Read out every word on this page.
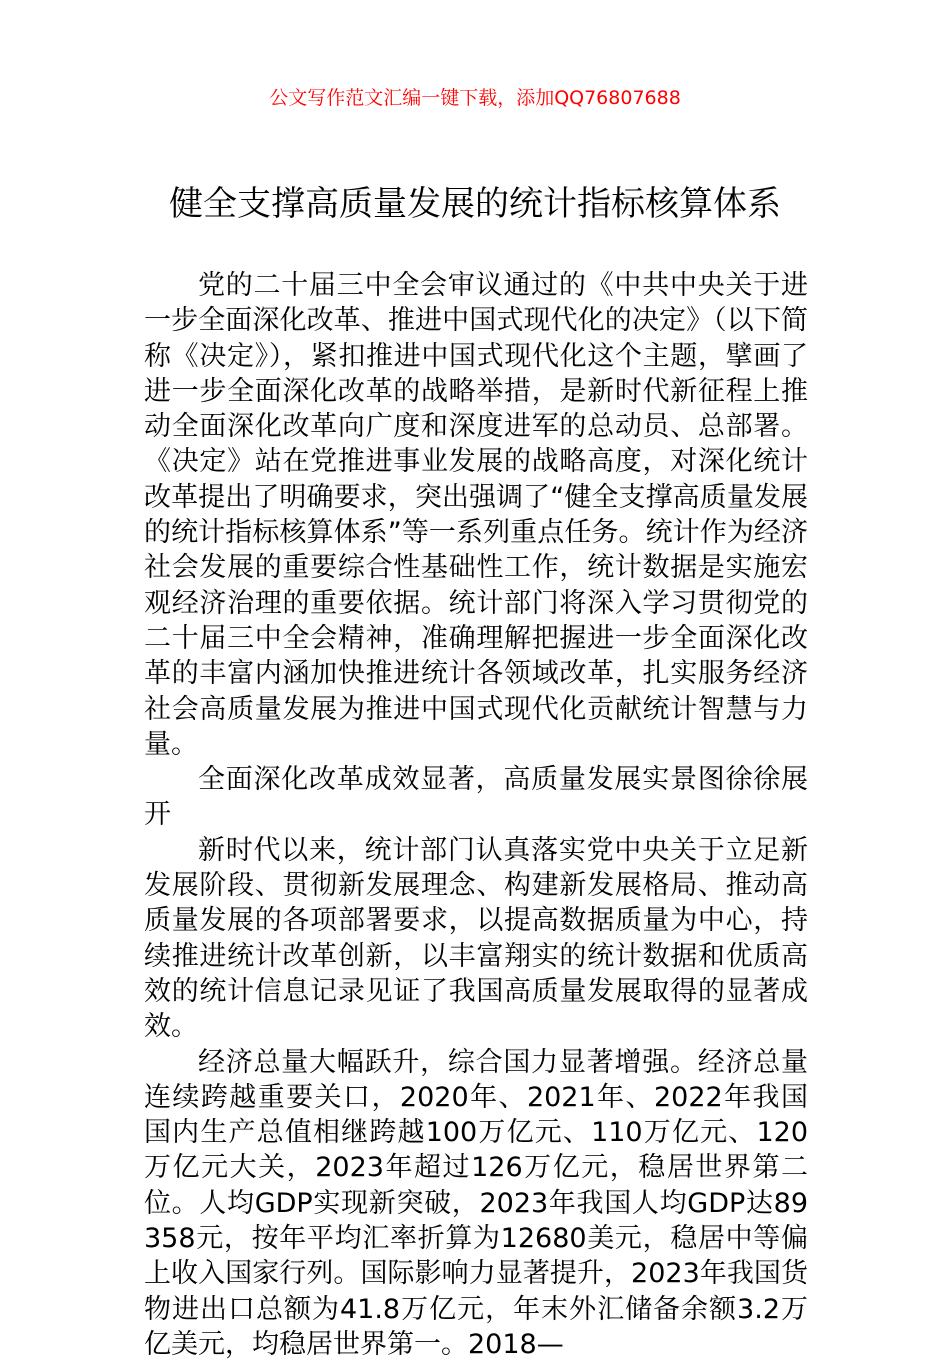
公文写作范文汇编一键下载，添加QQ76807688
健全支撑高质量发展的统计指标核算体系

党的二十届三中全会审议通过的《中共中央关于进一步全面深化改革、推进中国式现代化的决定》（以下简称《决定》），紧扣推进中国式现代化这个主题，擘画了进一步全面深化改革的战略举措，是新时代新征程上推动全面深化改革向广度和深度进军的总动员、总部署。《决定》站在党推进事业发展的战略高度，对深化统计改革提出了明确要求，突出强调了“健全支撑高质量发展的统计指标核算体系”等一系列重点任务。统计作为经济社会发展的重要综合性基础性工作，统计数据是实施宏观经济治理的重要依据。统计部门将深入学习贯彻党的二十届三中全会精神，准确理解把握进一步全面深化改革的丰富内涵加快推进统计各领域改革，扎实服务经济社会高质量发展为推进中国式现代化贡献统计智慧与力量。

全面深化改革成效显著，高质量发展实景图徐徐展开

新时代以来，统计部门认真落实党中央关于立足新发展阶段、贯彻新发展理念、构建新发展格局、推动高质量发展的各项部署要求，以提高数据质量为中心，持续推进统计改革创新，以丰富翔实的统计数据和优质高效的统计信息记录见证了我国高质量发展取得的显著成效。

经济总量大幅跃升，综合国力显著增强。经济总量连续跨越重要关口，2020年、2021年、2022年我国国内生产总值相继跨越100万亿元、110万亿元、120万亿元大关，2023年超过126万亿元，稳居世界第二位。人均GDP实现新突破，2023年我国人均GDP达89358元，按年平均汇率折算为12680美元，稳居中等偏上收入国家行列。国际影响力显著提升，2023年我国货物进出口总额为41.8万亿元，年末外汇储备余额3.2万亿美元，均稳居世界第一。2018—
